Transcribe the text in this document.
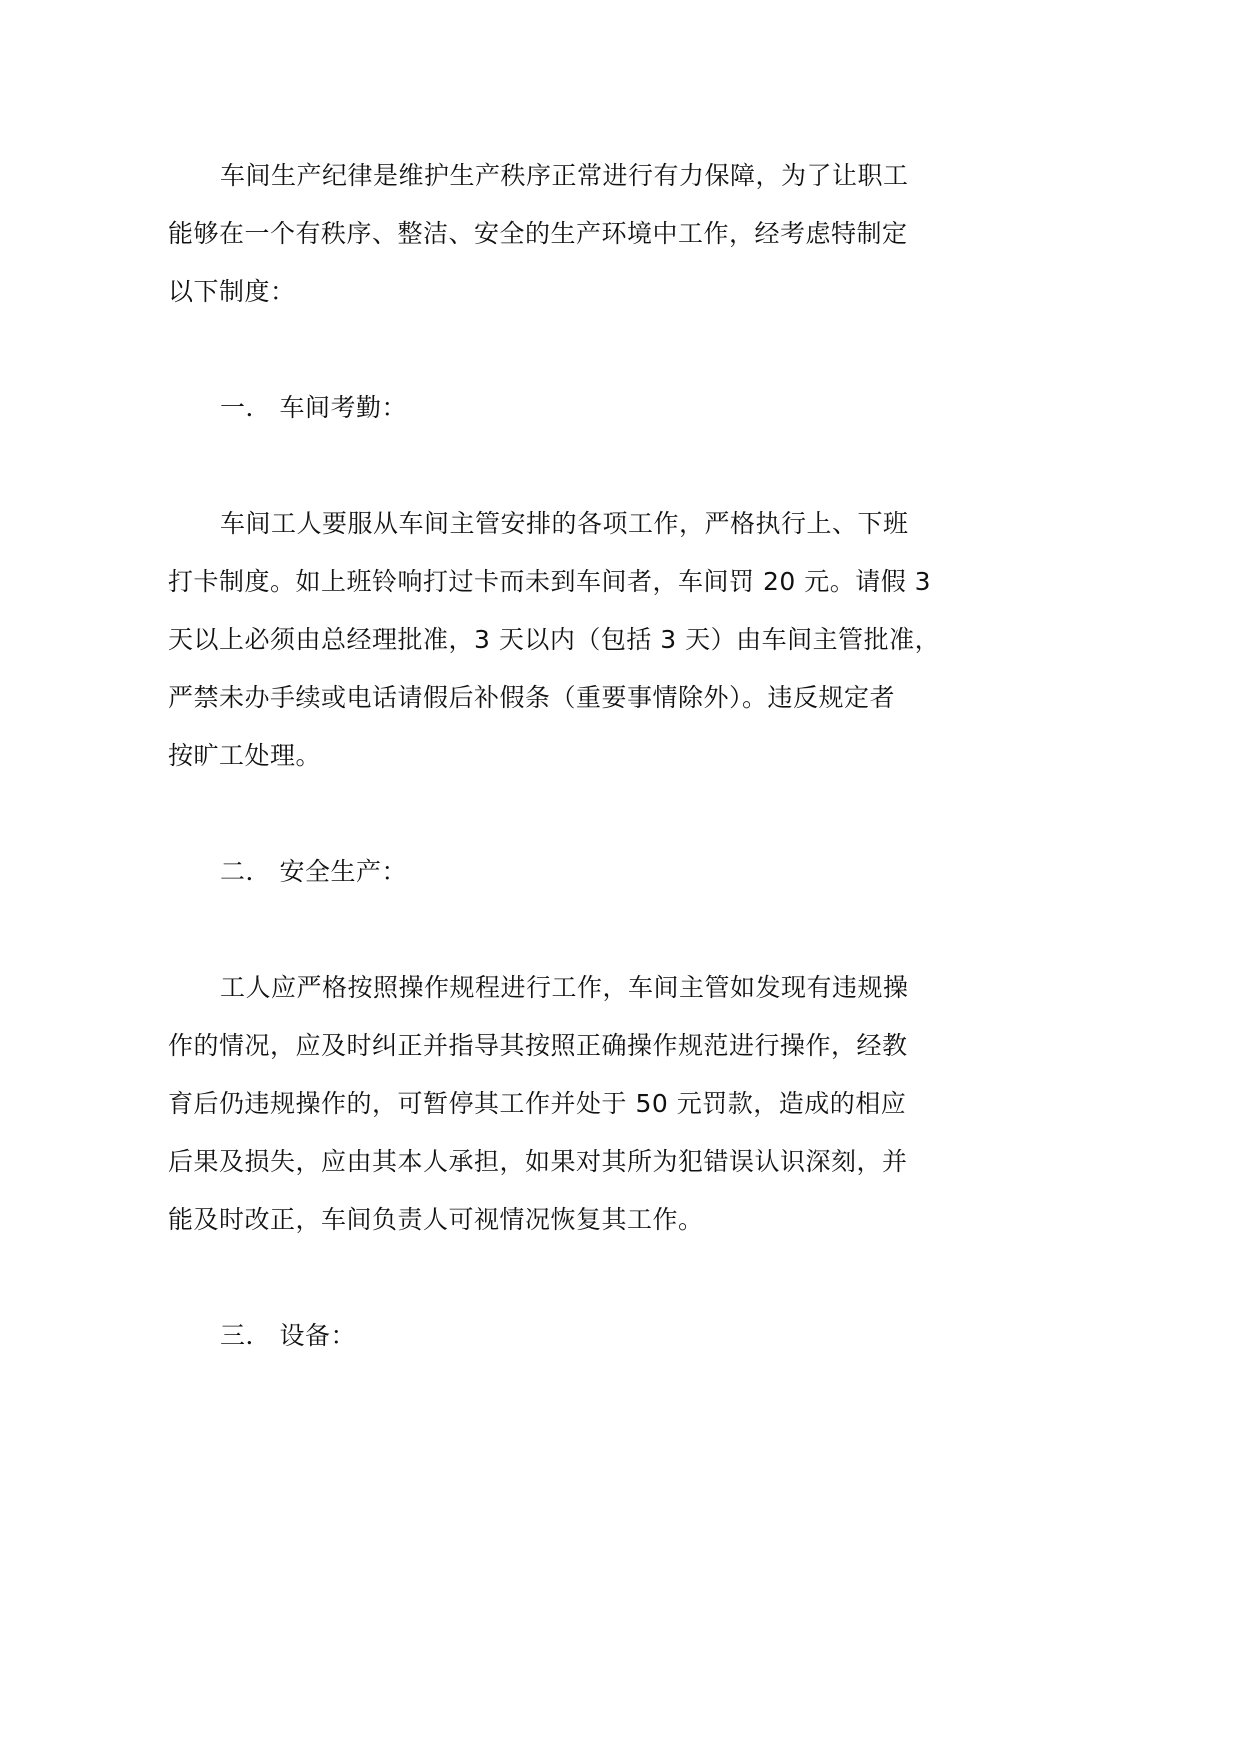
车间生产纪律是维护生产秩序正常进行有力保障，为了让职工

能够在一个有秩序、整洁、安全的生产环境中工作，经考虑特制定

以下制度：

一． 车间考勤：

车间工人要服从车间主管安排的各项工作，严格执行上、下班

打卡制度。如上班铃响打过卡而未到车间者，车间罚 20 元。请假 3

天以上必须由总经理批准，3 天以内（包括 3 天）由车间主管批准，

严禁未办手续或电话请假后补假条（重要事情除外）。违反规定者

按旷工处理。

二． 安全生产：

工人应严格按照操作规程进行工作，车间主管如发现有违规操

作的情况，应及时纠正并指导其按照正确操作规范进行操作，经教

育后仍违规操作的，可暂停其工作并处于 50 元罚款，造成的相应

后果及损失，应由其本人承担，如果对其所为犯错误认识深刻，并

能及时改正，车间负责人可视情况恢复其工作。

三． 设备：
